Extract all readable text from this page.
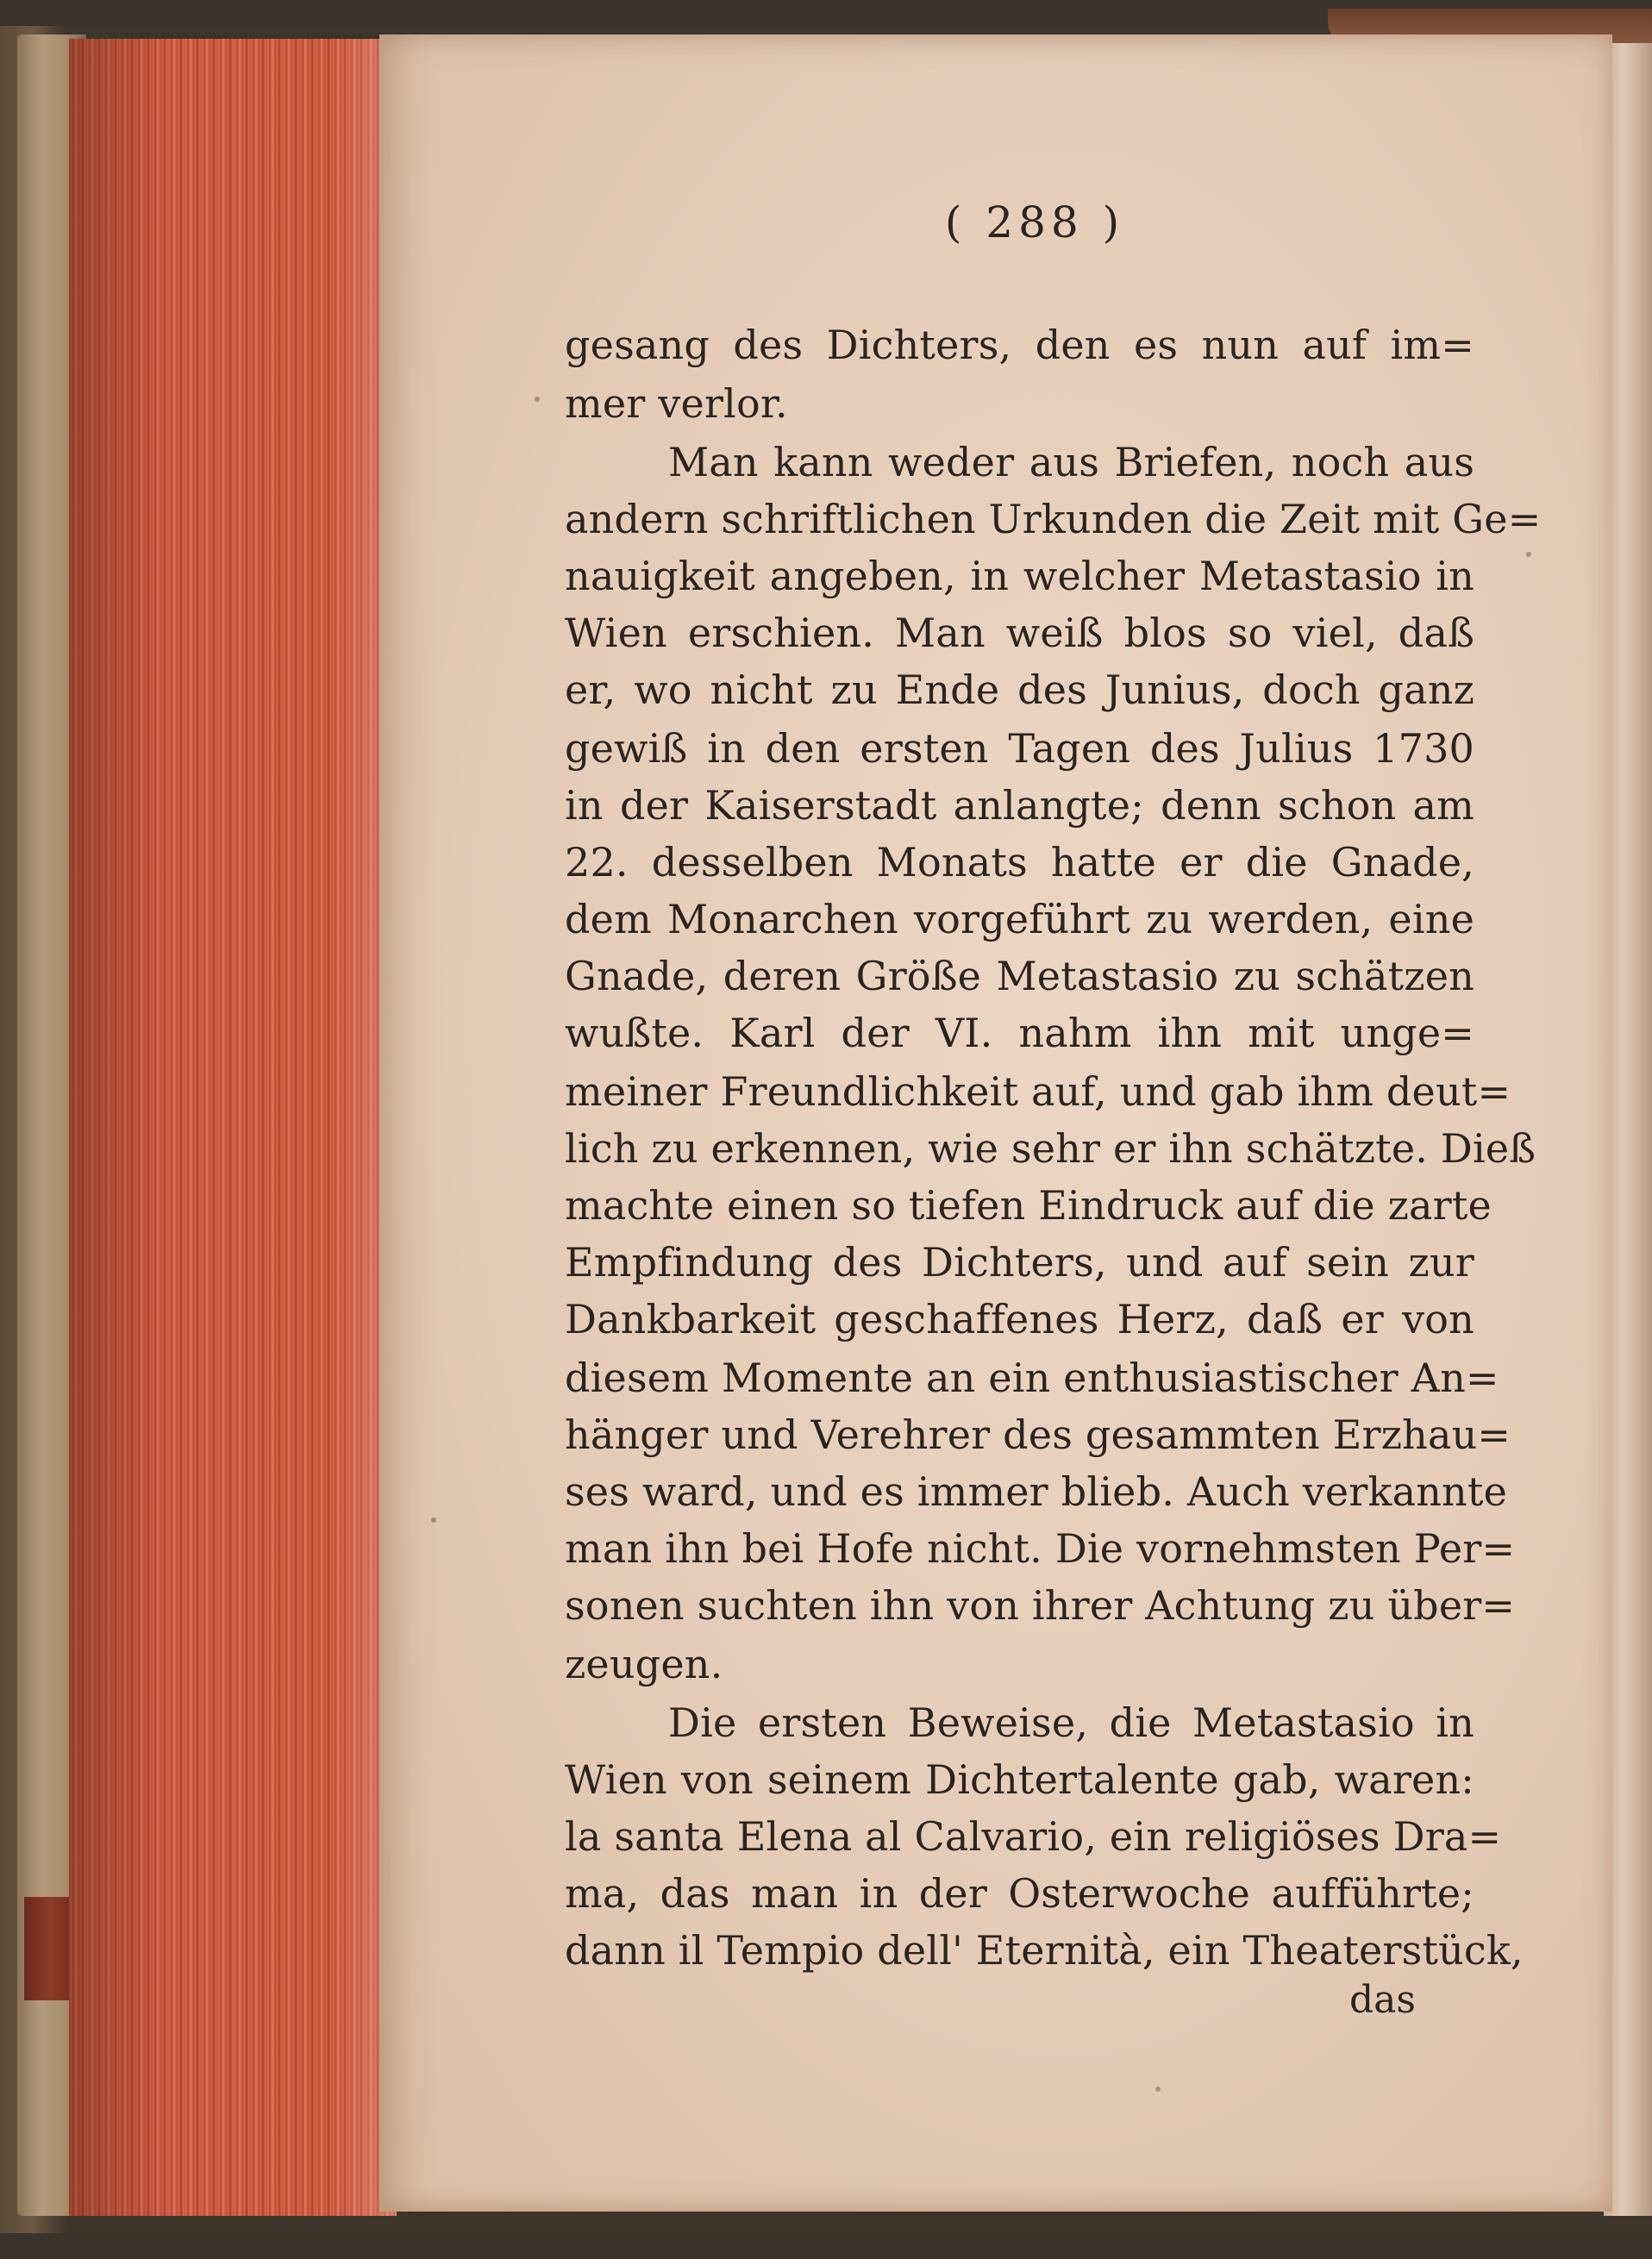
( 288 )
gesang des Dichters, den es nun auf im=
mer verlor.
Man kann weder aus Briefen, noch aus
andern schriftlichen Urkunden die Zeit mit Ge=
nauigkeit angeben, in welcher Metastasio in
Wien erschien. Man weiß blos so viel, daß
er, wo nicht zu Ende des Junius, doch ganz
gewiß in den ersten Tagen des Julius 1730
in der Kaiserstadt anlangte; denn schon am
22. desselben Monats hatte er die Gnade,
dem Monarchen vorgeführt zu werden, eine
Gnade, deren Größe Metastasio zu schätzen
wußte. Karl der VI. nahm ihn mit unge=
meiner Freundlichkeit auf, und gab ihm deut=
lich zu erkennen, wie sehr er ihn schätzte. Dieß
machte einen so tiefen Eindruck auf die zarte
Empfindung des Dichters, und auf sein zur
Dankbarkeit geschaffenes Herz, daß er von
diesem Momente an ein enthusiastischer An=
hänger und Verehrer des gesammten Erzhau=
ses ward, und es immer blieb. Auch verkannte
man ihn bei Hofe nicht. Die vornehmsten Per=
sonen suchten ihn von ihrer Achtung zu über=
zeugen.
Die ersten Beweise, die Metastasio in
Wien von seinem Dichtertalente gab, waren:
la santa Elena al Calvario, ein religiöses Dra=
ma, das man in der Osterwoche aufführte;
dann il Tempio dell' Eternità, ein Theaterstück,
das
